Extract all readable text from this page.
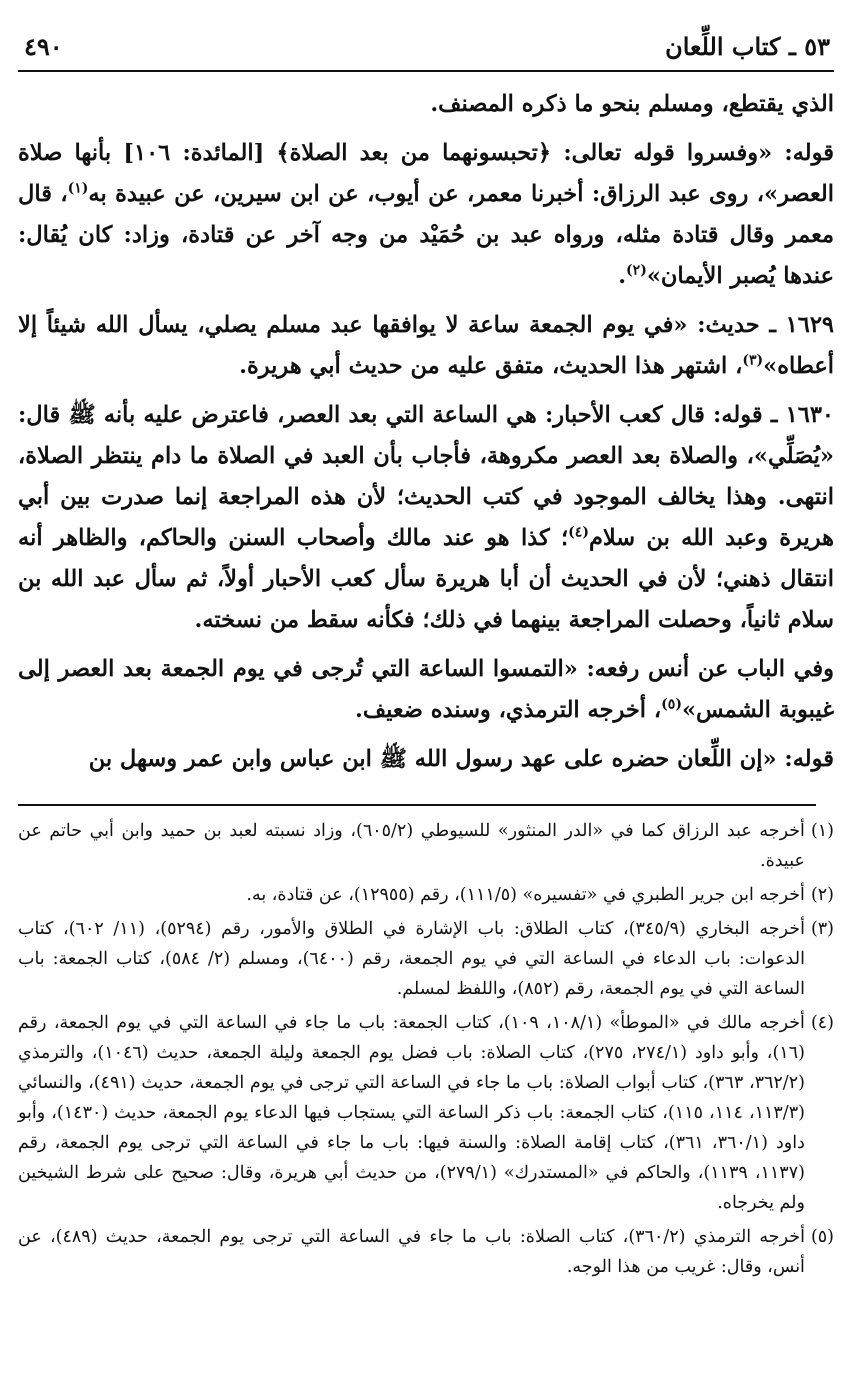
٥٣ ـ كتاب اللِّعان
٤٩٠

الذي يقتطع، ومسلم بنحو ما ذكره المصنف.

قوله: «وفسروا قوله تعالى: ﴿تحبسونهما من بعد الصلاة﴾ [المائدة: ١٠٦] بأنها صلاة العصر»، روى عبد الرزاق: أخبرنا معمر، عن أيوب، عن ابن سيرين، عن عبيدة به$^{(١)}$، قال معمر وقال قتادة مثله، ورواه عبد بن حُمَيْد من وجه آخر عن قتادة، وزاد: كان يُقال: عندها يُصبر الأيمان»$^{(٢)}$.

١٦٢٩ ـ حديث: «في يوم الجمعة ساعة لا يوافقها عبد مسلم يصلي، يسأل الله شيئاً إلا أعطاه»$^{(٣)}$، اشتهر هذا الحديث، متفق عليه من حديث أبي هريرة.

١٦٣٠ ـ قوله: قال كعب الأحبار: هي الساعة التي بعد العصر، فاعترض عليه بأنه ﷺ قال: «يُصَلِّي»، والصلاة بعد العصر مكروهة، فأجاب بأن العبد في الصلاة ما دام ينتظر الصلاة، انتهى. وهذا يخالف الموجود في كتب الحديث؛ لأن هذه المراجعة إنما صدرت بين أبي هريرة وعبد الله بن سلام$^{(٤)}$؛ كذا هو عند مالك وأصحاب السنن والحاكم، والظاهر أنه انتقال ذهني؛ لأن في الحديث أن أبا هريرة سأل كعب الأحبار أولاً، ثم سأل عبد الله بن سلام ثانياً، وحصلت المراجعة بينهما في ذلك؛ فكأنه سقط من نسخته.

وفي الباب عن أنس رفعه: «التمسوا الساعة التي تُرجى في يوم الجمعة بعد العصر إلى غيبوبة الشمس»$^{(٥)}$، أخرجه الترمذي، وسنده ضعيف.

قوله: «إن اللِّعان حضره على عهد رسول الله ﷺ ابن عباس وابن عمر وسهل بن

(١)
أخرجه عبد الرزاق كما في «الدر المنثور» للسيوطي (٦٠٥/٢)، وزاد نسبته لعبد بن حميد وابن أبي حاتم عن عبيدة.
(٢)
أخرجه ابن جرير الطبري في «تفسيره» (١١١/٥)، رقم (١٢٩٥٥)، عن قتادة، به.
(٣)
أخرجه البخاري (٣٤٥/٩)، كتاب الطلاق: باب الإشارة في الطلاق والأمور، رقم (٥٢٩٤)، (١١/ ٦٠٢)، كتاب الدعوات: باب الدعاء في الساعة التي في يوم الجمعة، رقم (٦٤٠٠)، ومسلم (٢/ ٥٨٤)، كتاب الجمعة: باب الساعة التي في يوم الجمعة، رقم (٨٥٢)، واللفظ لمسلم.
(٤)
أخرجه مالك في «الموطأ» (١٠٨/١، ١٠٩)، كتاب الجمعة: باب ما جاء في الساعة التي في يوم الجمعة، رقم (١٦)، وأبو داود (٢٧٤/١، ٢٧٥)، كتاب الصلاة: باب فضل يوم الجمعة وليلة الجمعة، حديث (١٠٤٦)، والترمذي (٣٦٢/٢، ٣٦٣)، كتاب أبواب الصلاة: باب ما جاء في الساعة التي ترجى في يوم الجمعة، حديث (٤٩١)، والنسائي (١١٣/٣، ١١٤، ١١٥)، كتاب الجمعة: باب ذكر الساعة التي يستجاب فيها الدعاء يوم الجمعة، حديث (١٤٣٠)، وأبو داود (٣٦٠/١، ٣٦١)، كتاب إقامة الصلاة: والسنة فيها: باب ما جاء في الساعة التي ترجى يوم الجمعة، رقم (١١٣٧، ١١٣٩)، والحاكم في «المستدرك» (٢٧٩/١)، من حديث أبي هريرة، وقال: صحيح على شرط الشيخين ولم يخرجاه.
(٥)
أخرجه الترمذي (٣٦٠/٢)، كتاب الصلاة: باب ما جاء في الساعة التي ترجى يوم الجمعة، حديث (٤٨٩)، عن أنس، وقال: غريب من هذا الوجه.
